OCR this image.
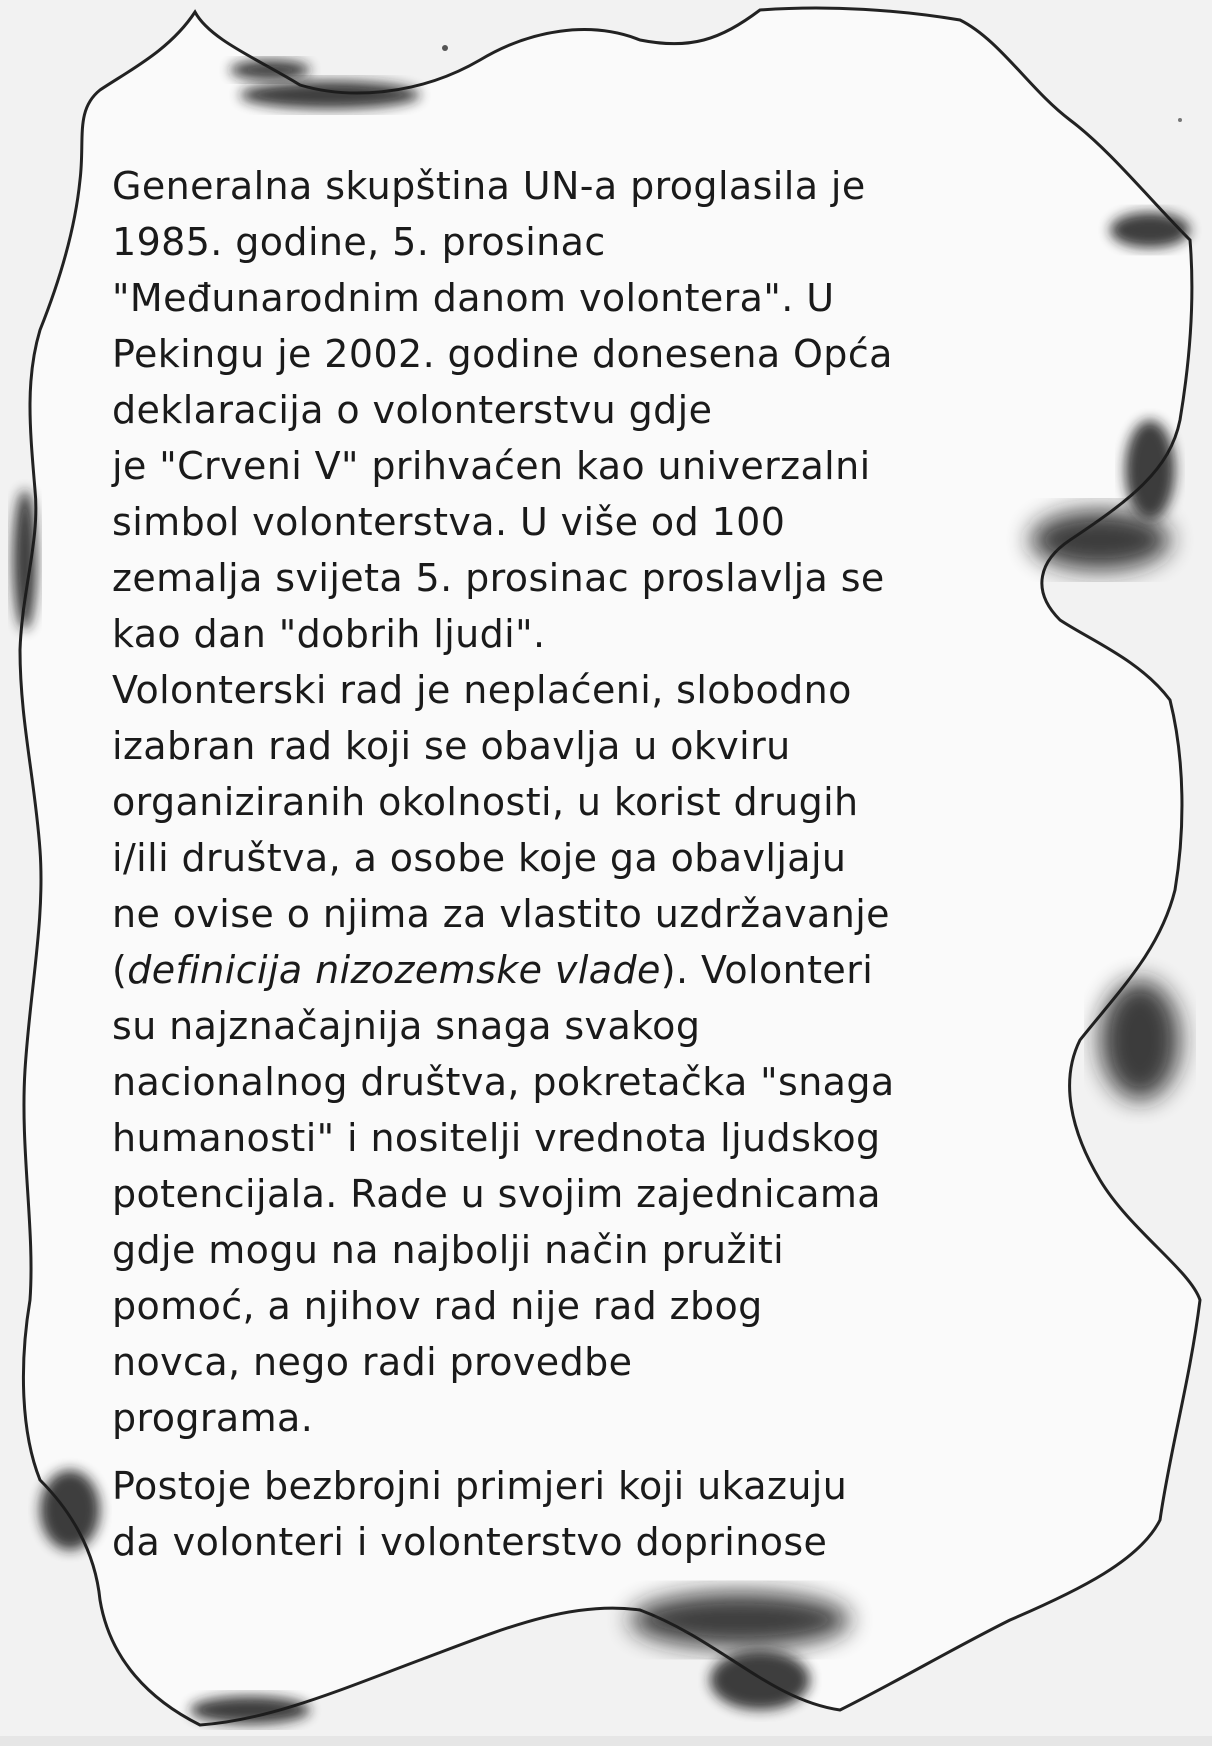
Generalna skupština UN-a proglasila je
1985. godine, 5. prosinac
"Međunarodnim danom volontera". U
Pekingu je 2002. godine donesena Opća
deklaracija o volonterstvu gdje
je "Crveni V" prihvaćen kao univerzalni
simbol volonterstva. U više od 100
zemalja svijeta 5. prosinac proslavlja se
kao dan "dobrih ljudi".
Volonterski rad je neplaćeni, slobodno
izabran rad koji se obavlja u okviru
organiziranih okolnosti, u korist drugih
i/ili društva, a osobe koje ga obavljaju
ne ovise o njima za vlastito uzdržavanje
(definicija nizozemske vlade). Volonteri
su najznačajnija snaga svakog
nacionalnog društva, pokretačka "snaga
humanosti" i nositelji vrednota ljudskog
potencijala. Rade u svojim zajednicama
gdje mogu na najbolji način pružiti
pomoć, a njihov rad nije rad zbog
novca, nego radi provedbe
programa.
Postoje bezbrojni primjeri koji ukazuju
da volonteri i volonterstvo doprinose
